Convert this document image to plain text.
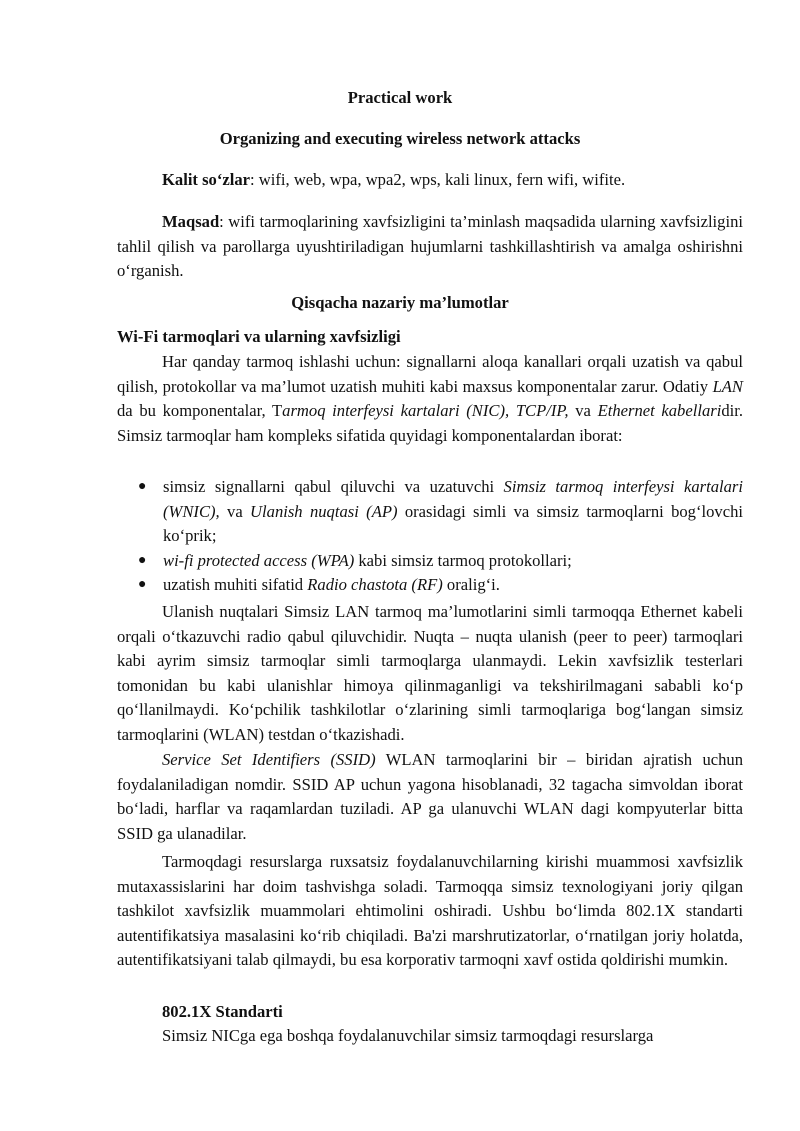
Practical work
Organizing and executing wireless network attacks

Kalit so‘zlar: wifi, web, wpa, wpa2, wps, kali linux, fern wifi, wifite.

Maqsad: wifi tarmoqlarining xavfsizligini ta’minlash maqsadida ularning xavfsizligini tahlil qilish va parollarga uyushtiriladigan hujumlarni tashkillashtirish va amalga oshirishni o‘rganish.

Qisqacha nazariy ma’lumotlar

Wi-Fi tarmoqlari va ularning xavfsizligi

Har qanday tarmoq ishlashi uchun: signallarni aloqa kanallari orqali uzatish va qabul qilish, protokollar va ma’lumot uzatish muhiti kabi maxsus komponentalar zarur. Odatiy LAN da bu komponentalar, Tarmoq interfeysi kartalari (NIC), TCP/IP, va Ethernet kabellaridir. Simsiz tarmoqlar ham kompleks sifatida quyidagi komponentalardan iborat:

● simsiz signallarni qabul qiluvchi va uzatuvchi Simsiz tarmoq interfeysi kartalari (WNIC), va Ulanish nuqtasi (AP) orasidagi simli va simsiz tarmoqlarni bog‘lovchi ko‘prik;
● wi-fi protected access (WPA) kabi simsiz tarmoq protokollari;
● uzatish muhiti sifatid Radio chastota (RF) oralig‘i.

Ulanish nuqtalari Simsiz LAN tarmoq ma’lumotlarini simli tarmoqqa Ethernet kabeli orqali o‘tkazuvchi radio qabul qiluvchidir. Nuqta – nuqta ulanish (peer to peer) tarmoqlari kabi ayrim simsiz tarmoqlar simli tarmoqlarga ulanmaydi. Lekin xavfsizlik testerlari tomonidan bu kabi ulanishlar himoya qilinmaganligi va tekshirilmagani sababli ko‘p qo‘llanilmaydi. Ko‘pchilik tashkilotlar o‘zlarining simli tarmoqlariga bog‘langan simsiz tarmoqlarini (WLAN) testdan o‘tkazishadi.

Service Set Identifiers (SSID) WLAN tarmoqlarini bir – biridan ajratish uchun foydalaniladigan nomdir. SSID AP uchun yagona hisoblanadi, 32 tagacha simvoldan iborat bo‘ladi, harflar va raqamlardan tuziladi. AP ga ulanuvchi WLAN dagi kompyuterlar bitta SSID ga ulanadilar.

Tarmoqdagi resurslarga ruxsatsiz foydalanuvchilarning kirishi muammosi xavfsizlik mutaxassislarini har doim tashvishga soladi. Tarmoqqa simsiz texnologiyani joriy qilgan tashkilot xavfsizlik muammolari ehtimolini oshiradi. Ushbu bo‘limda 802.1X standarti autentifikatsiya masalasini ko‘rib chiqiladi. Ba'zi marshrutizatorlar, o‘rnatilgan joriy holatda, autentifikatsiyani talab qilmaydi, bu esa korporativ tarmoqni xavf ostida qoldirishi mumkin.

802.1X Standarti

Simsiz NICga ega boshqa foydalanuvchilar simsiz tarmoqdagi resurslarga
